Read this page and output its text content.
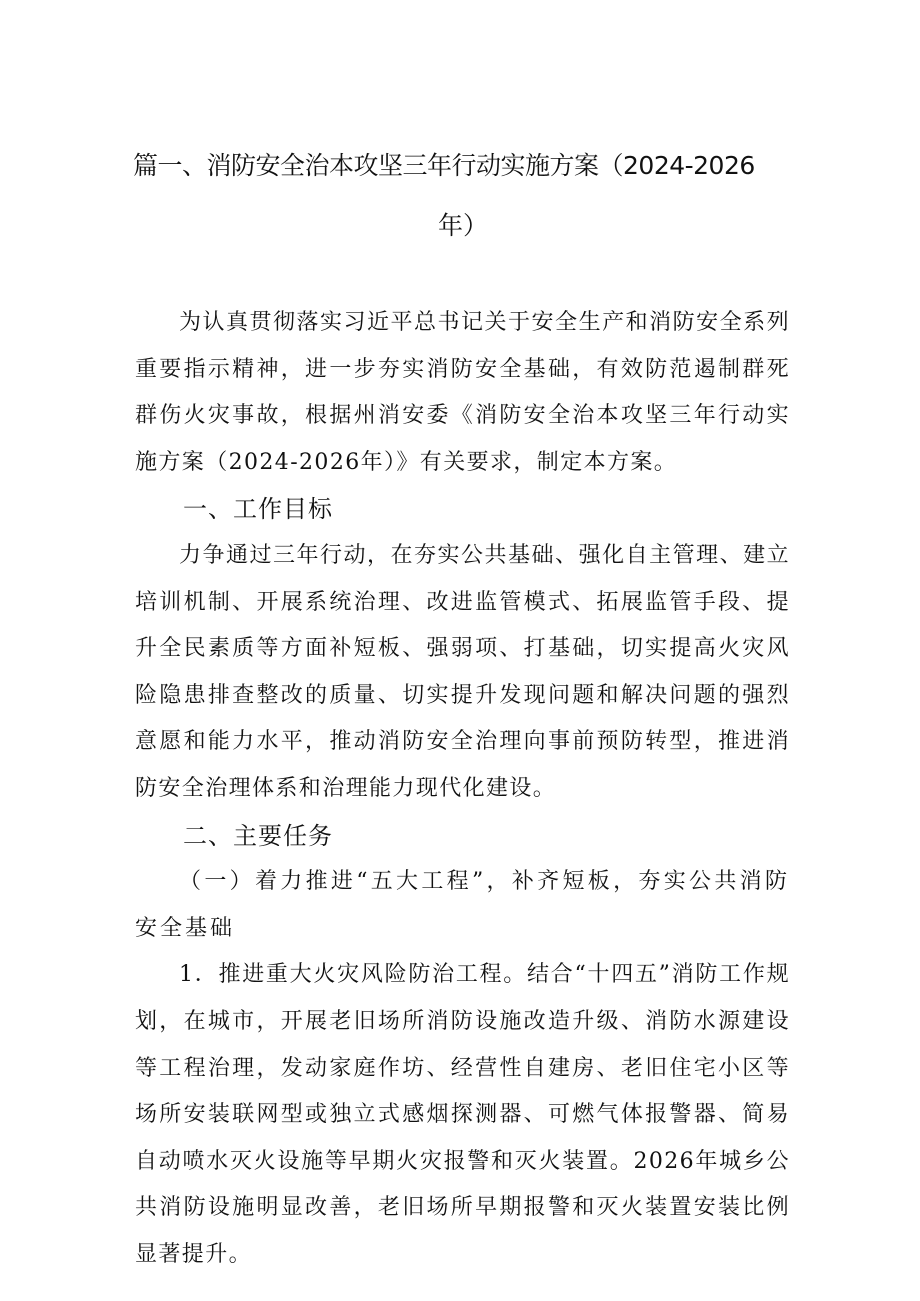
篇一、消防安全治本攻坚三年行动实施方案（2024-2026

年）

为认真贯彻落实习近平总书记关于安全生产和消防安全系列重要指示精神，进一步夯实消防安全基础，有效防范遏制群死群伤火灾事故，根据州消安委《消防安全治本攻坚三年行动实施方案（2024-2026年）》有关要求，制定本方案。

一、工作目标

力争通过三年行动，在夯实公共基础、强化自主管理、建立培训机制、开展系统治理、改进监管模式、拓展监管手段、提升全民素质等方面补短板、强弱项、打基础，切实提高火灾风险隐患排查整改的质量、切实提升发现问题和解决问题的强烈意愿和能力水平，推动消防安全治理向事前预防转型，推进消防安全治理体系和治理能力现代化建设。

二、主要任务

（一）着力推进“五大工程”，补齐短板，夯实公共消防安全基础

1．推进重大火灾风险防治工程。结合“十四五”消防工作规划，在城市，开展老旧场所消防设施改造升级、消防水源建设等工程治理，发动家庭作坊、经营性自建房、老旧住宅小区等场所安装联网型或独立式感烟探测器、可燃气体报警器、简易自动喷水灭火设施等早期火灾报警和灭火装置。2026年城乡公共消防设施明显改善，老旧场所早期报警和灭火装置安装比例显著提升。
